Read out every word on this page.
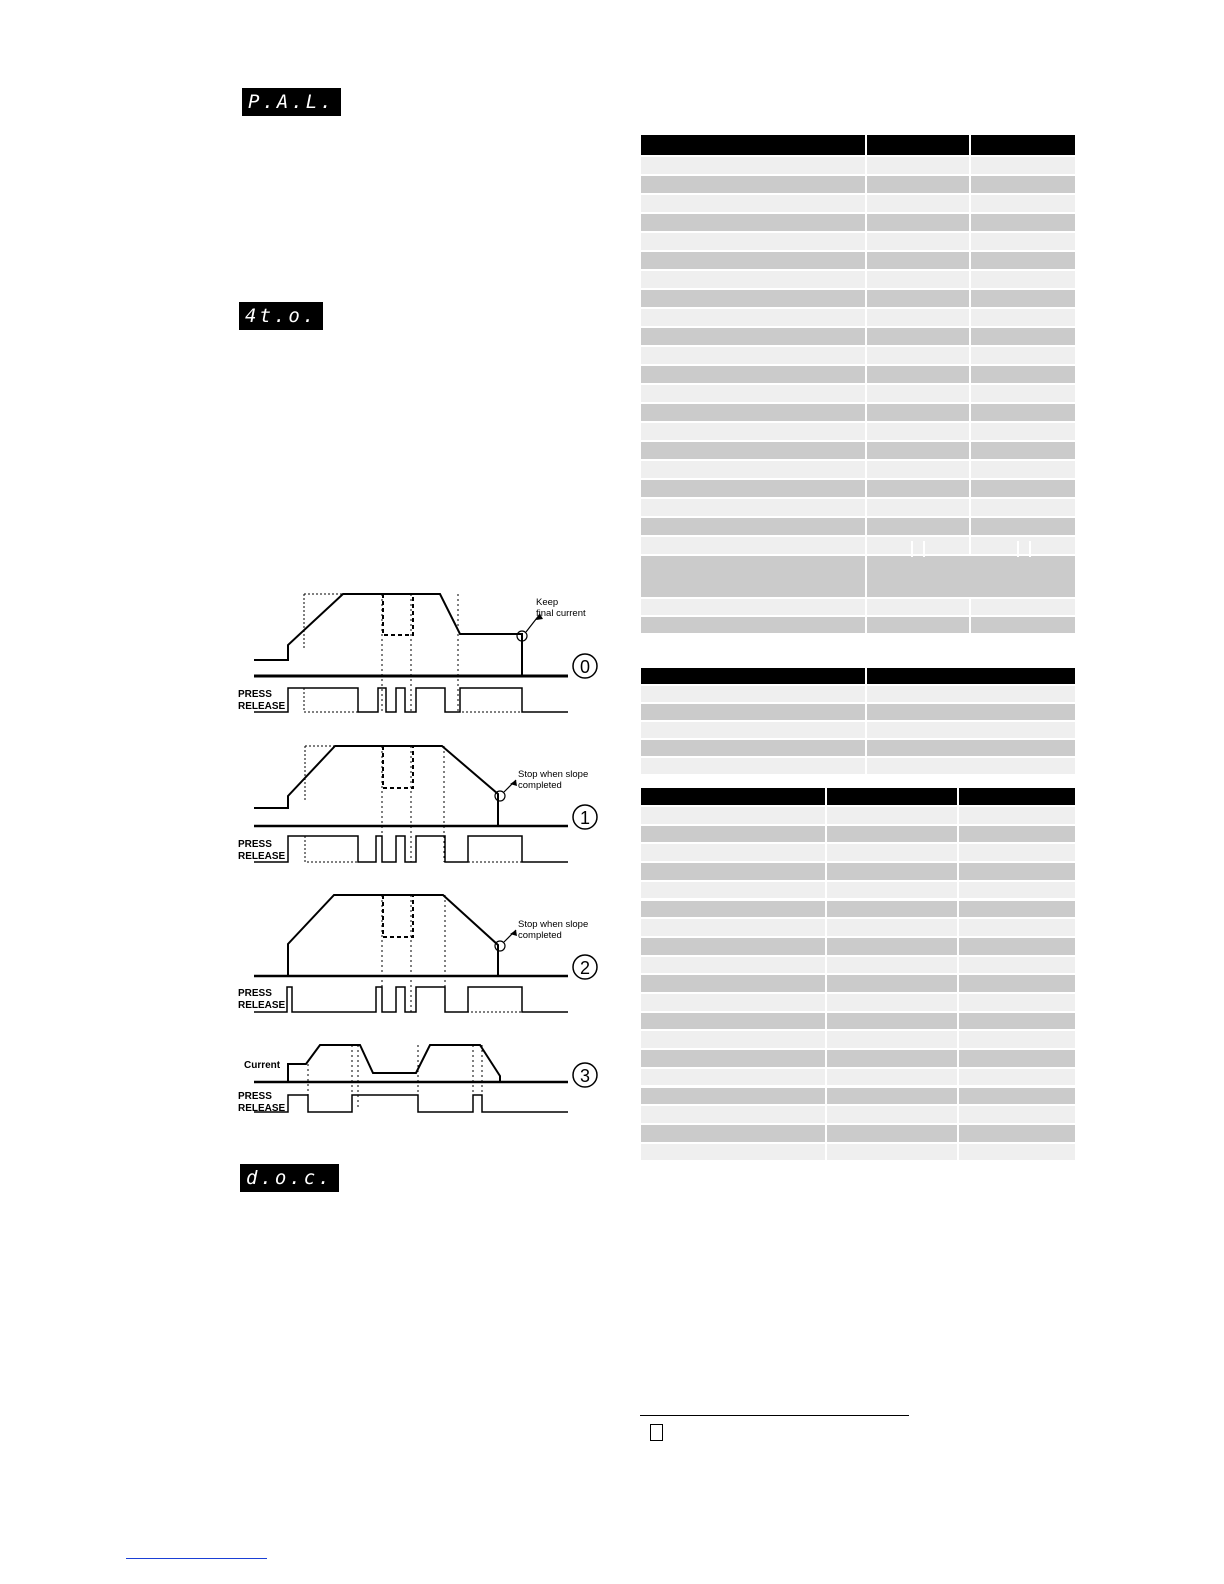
P.A.L.
4t.o.
d.o.c.
Keep
final current
Stop when slope
completed
Stop when slope
completed
PRESS
RELEASE
PRESS
RELEASE
PRESS
RELEASE
PRESS
RELEASE
Current
0
1
2
3
